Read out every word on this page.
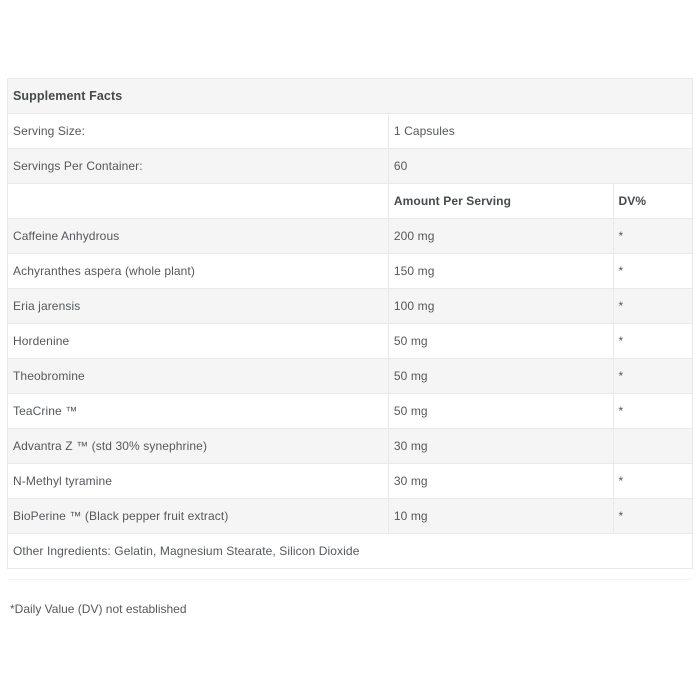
Supplement Facts		
Serving Size:	1 Capsules	
Servings Per Container:	60	
	Amount Per Serving	DV%
Caffeine Anhydrous	200 mg	*
Achyranthes aspera (whole plant)	150 mg	*
Eria jarensis	100 mg	*
Hordenine	50 mg	*
Theobromine	50 mg	*
TeaCrine ™	50 mg	*
Advantra Z ™ (std 30% synephrine)	30 mg	
N-Methyl tyramine	30 mg	*
BioPerine ™ (Black pepper fruit extract)	10 mg	*
Other Ingredients: Gelatin, Magnesium Stearate, Silicon Dioxide		
*Daily Value (DV) not established
